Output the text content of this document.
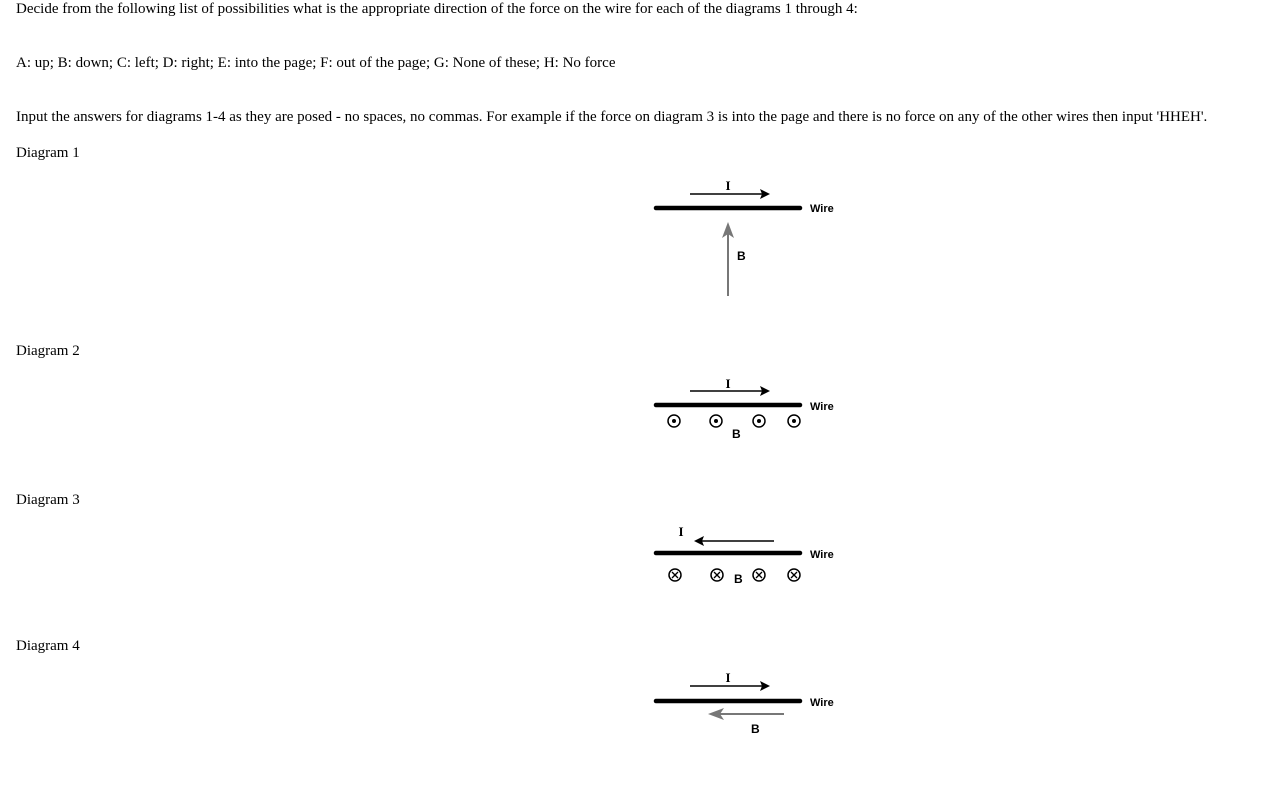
Decide from the following list of possibilities what is the appropriate direction of the force on the wire for each of the diagrams 1 through 4:
A: up; B: down; C: left; D: right; E: into the page; F: out of the page; G: None of these; H: No force
Input the answers for diagrams 1-4 as they are posed - no spaces, no commas. For example if the force on diagram 3 is into the page and there is no force on any of the other wires then input 'HHEH'.
Diagram 1
Diagram 2
Diagram 3
Diagram 4
I
Wire
B
I
Wire
B
I
Wire
B
I
Wire
B
